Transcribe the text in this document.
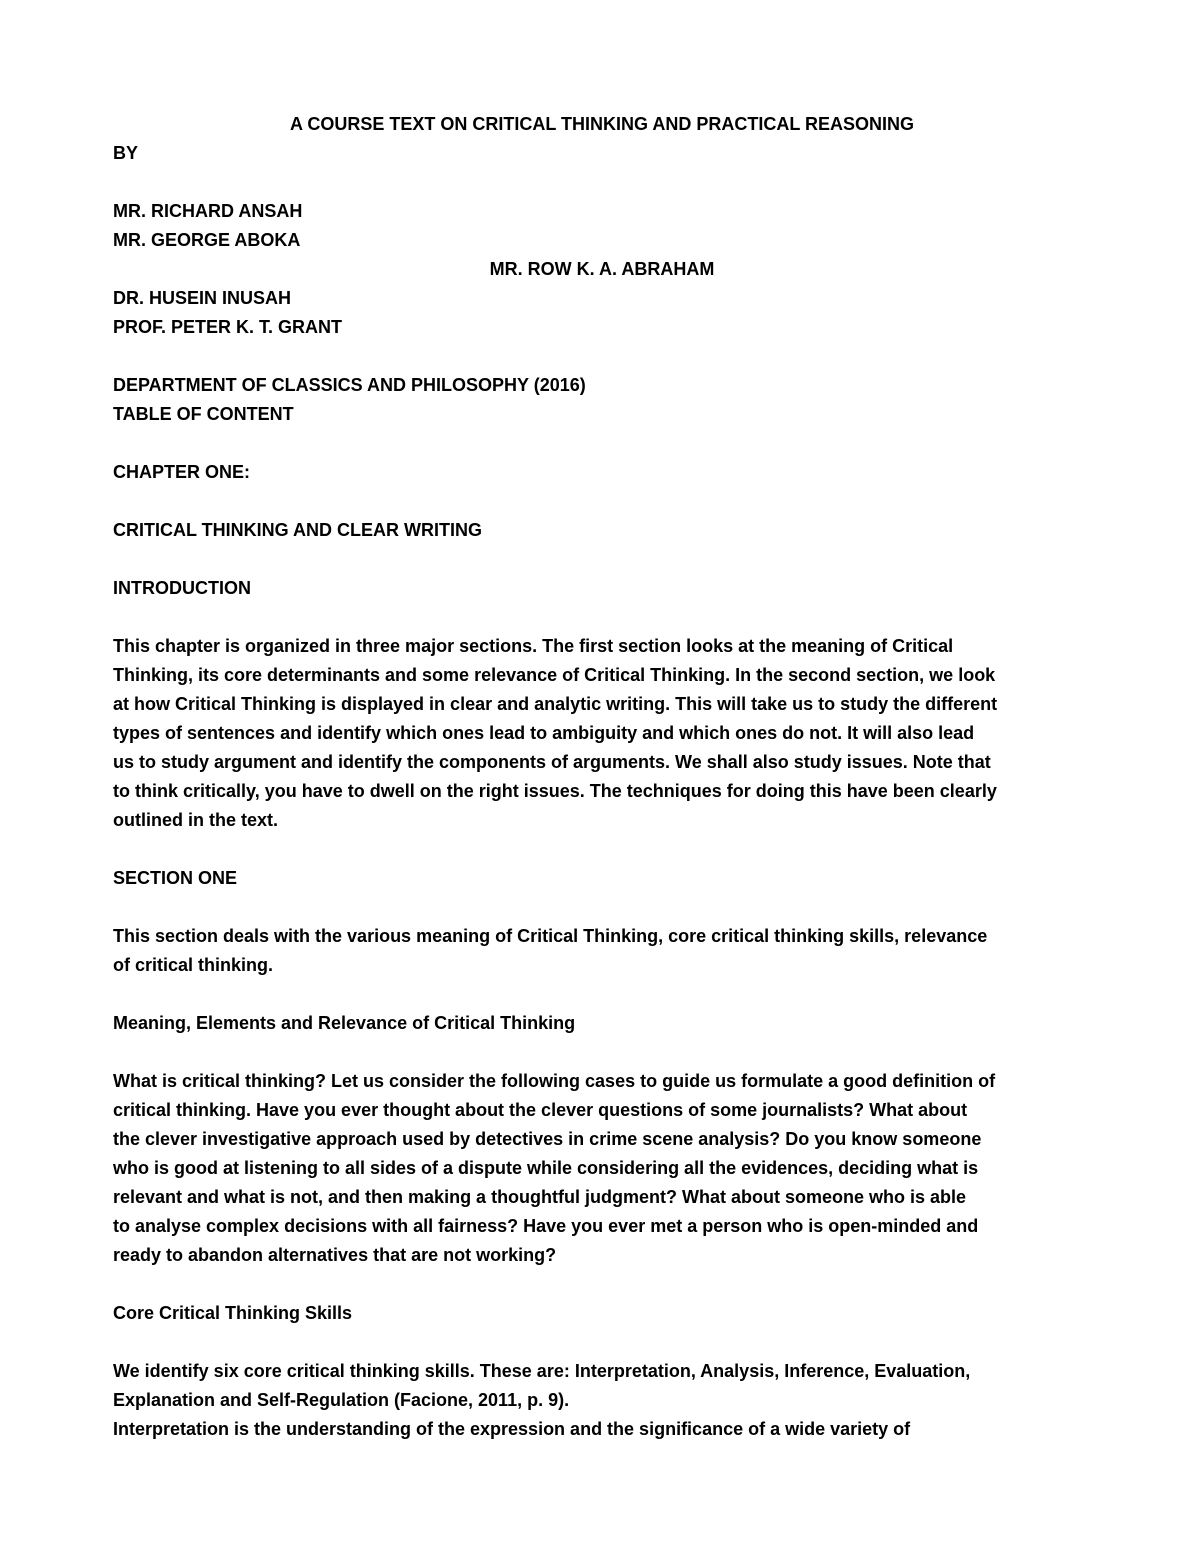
A COURSE TEXT ON CRITICAL THINKING AND PRACTICAL REASONING
BY
MR. RICHARD ANSAH
MR. GEORGE ABOKA
MR. ROW K. A. ABRAHAM
DR. HUSEIN INUSAH
PROF. PETER K. T. GRANT
DEPARTMENT OF CLASSICS AND PHILOSOPHY (2016)
TABLE OF CONTENT
CHAPTER ONE:
CRITICAL THINKING AND CLEAR WRITING
INTRODUCTION
This chapter is organized in three major sections. The first section looks at the meaning of Critical
Thinking, its core determinants and some relevance of Critical Thinking. In the second section, we look
at how Critical Thinking is displayed in clear and analytic writing. This will take us to study the different
types of sentences and identify which ones lead to ambiguity and which ones do not. It will also lead
us to study argument and identify the components of arguments. We shall also study issues. Note that
to think critically, you have to dwell on the right issues. The techniques for doing this have been clearly
outlined in the text.
SECTION ONE
This section deals with the various meaning of Critical Thinking, core critical thinking skills, relevance
of critical thinking.
Meaning, Elements and Relevance of Critical Thinking
What is critical thinking? Let us consider the following cases to guide us formulate a good definition of
critical thinking. Have you ever thought about the clever questions of some journalists? What about
the clever investigative approach used by detectives in crime scene analysis? Do you know someone
who is good at listening to all sides of a dispute while considering all the evidences, deciding what is
relevant and what is not, and then making a thoughtful judgment? What about someone who is able
to analyse complex decisions with all fairness? Have you ever met a person who is open-minded and
ready to abandon alternatives that are not working?
Core Critical Thinking Skills
We identify six core critical thinking skills. These are: Interpretation, Analysis, Inference, Evaluation,
Explanation and Self-Regulation (Facione, 2011, p. 9).
Interpretation is the understanding of the expression and the significance of a wide variety of
